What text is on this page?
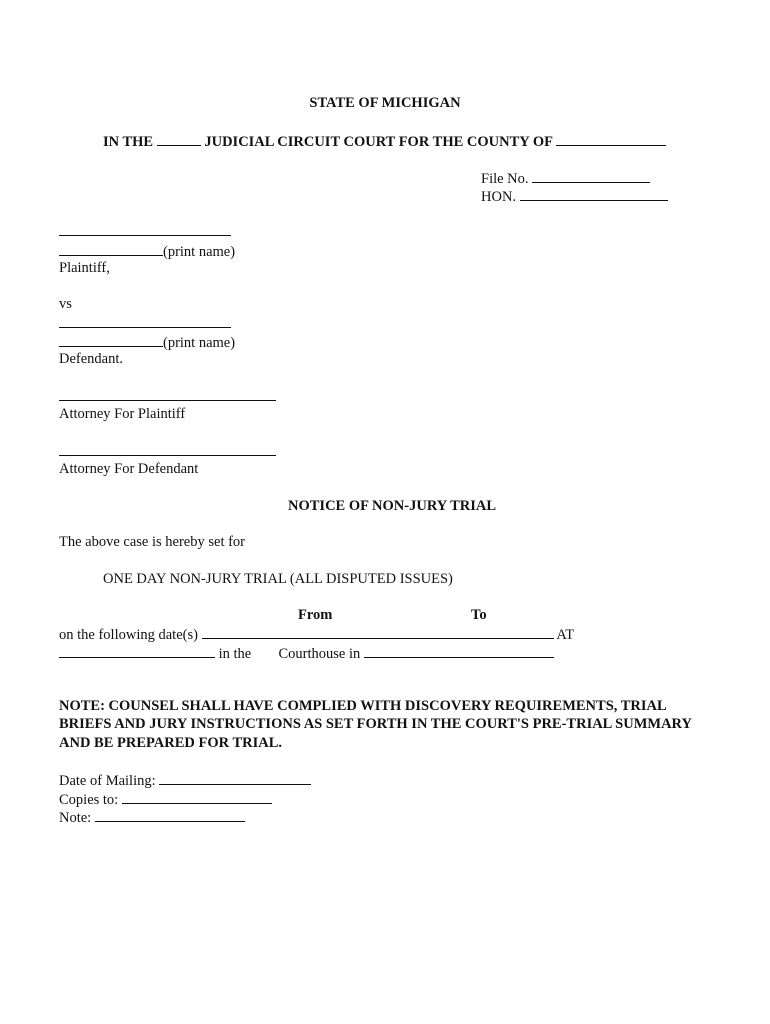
STATE OF MICHIGAN
IN THE	JUDICIAL CIRCUIT COURT FOR THE COUNTY OF
File No.
HON.
(print name)
Plaintiff,
vs
(print name)
Defendant.
Attorney For Plaintiff
Attorney For Defendant
NOTICE OF NON-JURY TRIAL
The above case is hereby set for
ONE DAY NON-JURY TRIAL (ALL DISPUTED ISSUES)
From	To
on the following date(s)	AT
in the Courthouse in
NOTE: COUNSEL SHALL HAVE COMPLIED WITH DISCOVERY REQUIREMENTS, TRIAL
BRIEFS AND JURY INSTRUCTIONS AS SET FORTH IN THE COURT'S PRE-TRIAL SUMMARY
AND BE PREPARED FOR TRIAL.
Date of Mailing:
Copies to:
Note:
